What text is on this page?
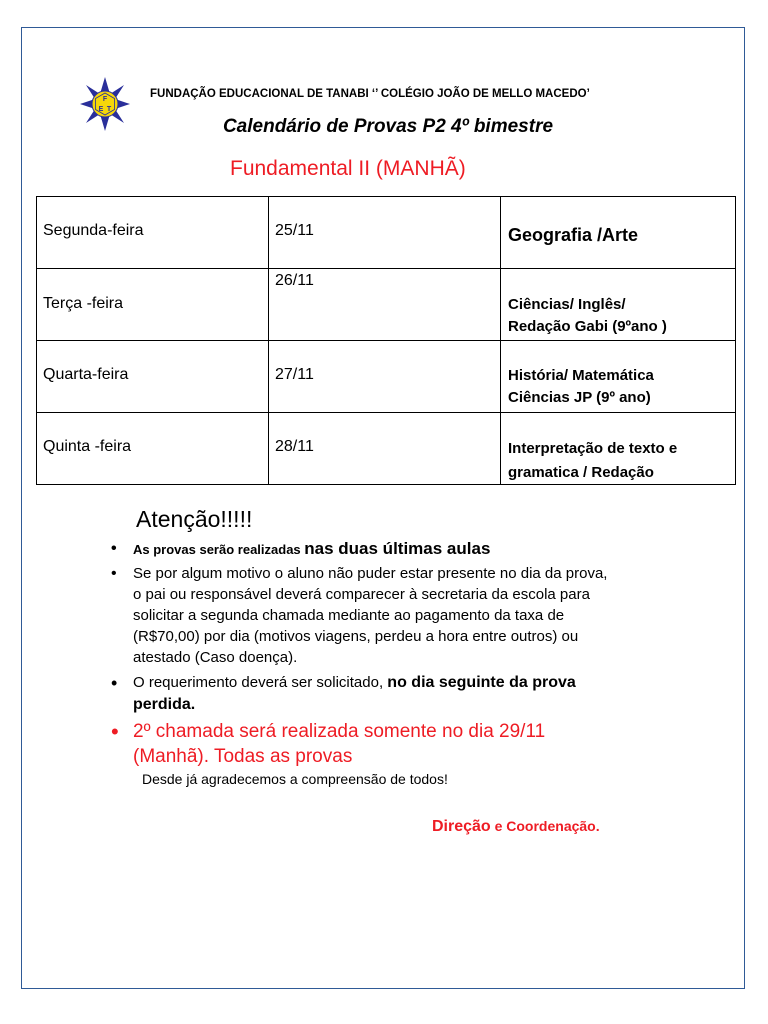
F
E T
FUNDAÇÃO EDUCACIONAL DE TANABI ‘’ COLÉGIO JOÃO DE MELLO MACEDO’
Calendário de Provas P2 4º bimestre
Fundamental II (MANHÃ)
Segunda-feira	25/11	Geografia /Arte

Terça -feira	26/11	Ciências/ Inglês/
Redação Gabi (9ºano )

Quarta-feira	27/11	História/ Matemática
Ciências JP (9º ano)

Quinta -feira	28/11	Interpretação de texto e
gramatica / Redação
Atenção!!!!!
• As provas serão realizadas nas duas últimas aulas
• Se por algum motivo o aluno não puder estar presente no dia da prova,
o pai ou responsável deverá comparecer à secretaria da escola para
solicitar a segunda chamada mediante ao pagamento da taxa de
(R$70,00) por dia (motivos viagens, perdeu a hora entre outros) ou
atestado (Caso doença).
• O requerimento deverá ser solicitado, no dia seguinte da prova
perdida.
• 2º chamada será realizada somente no dia 29/11
(Manhã). Todas as provas
Desde já agradecemos a compreensão de todos!
Direção e Coordenação.
